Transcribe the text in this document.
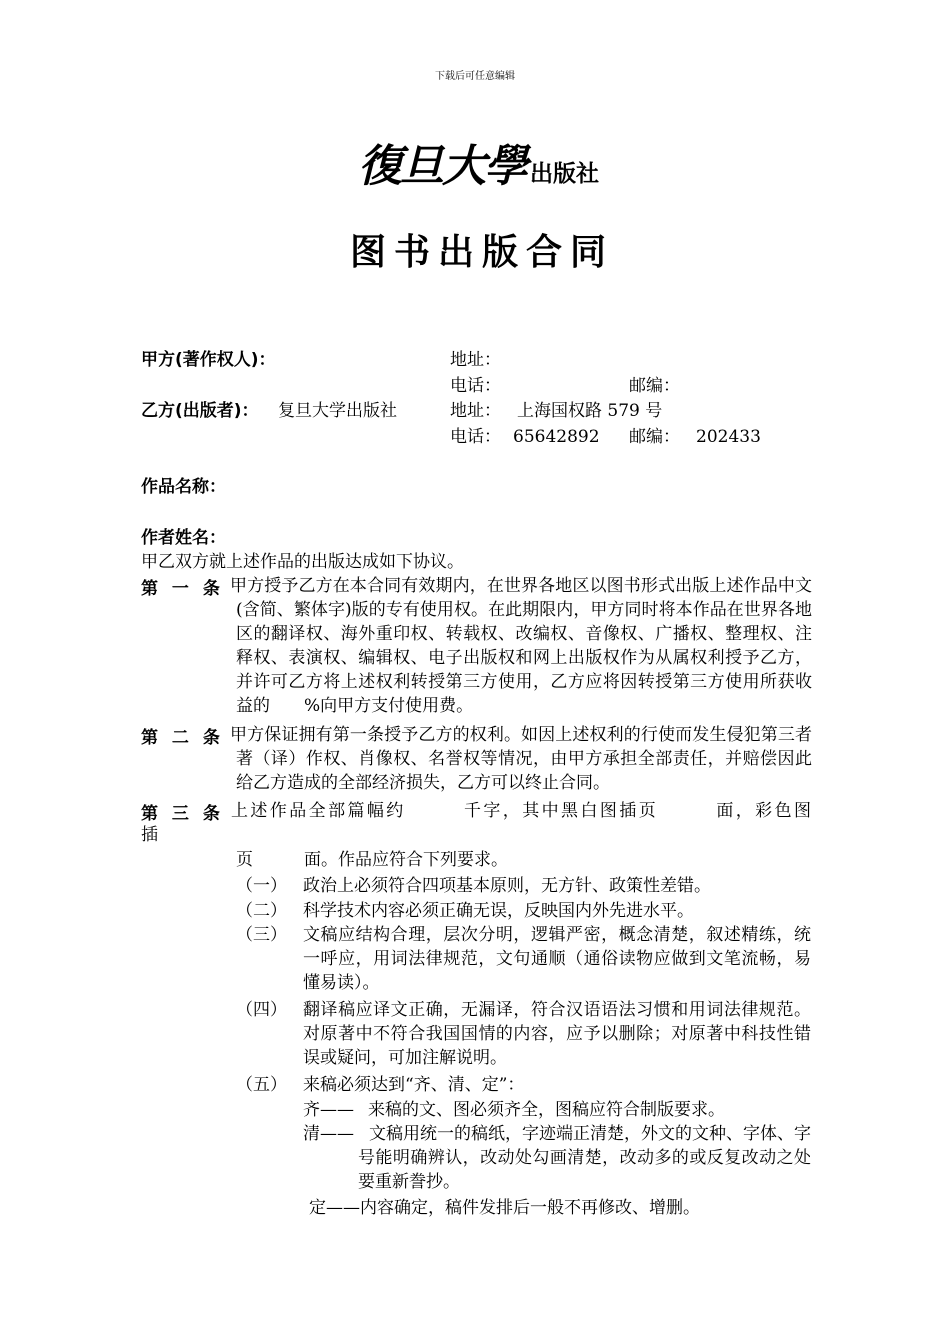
下载后可任意编辑
復旦大學 出版社
图书出版合同
甲方(著作权人)：	地址：
电话：	邮编：
乙方(出版者)： 复旦大学出版社	地址： 上海国权路 579 号
电话： 65642892 邮编： 202433
作品名称：
作者姓名：
甲乙双方就上述作品的出版达成如下协议。
第 一 条 甲方授予乙方在本合同有效期内，在世界各地区以图书形式出版上述作品中文(含简、繁体字)版的专有使用权。在此期限内，甲方同时将本作品在世界各地区的翻译权、海外重印权、转载权、改编权、音像权、广播权、整理权、注释权、表演权、编辑权、电子出版权和网上出版权作为从属权利授予乙方，并许可乙方将上述权利转授第三方使用，乙方应将因转授第三方使用所获收益的　　%向甲方支付使用费。
第 二 条 甲方保证拥有第一条授予乙方的权利。如因上述权利的行使而发生侵犯第三者著（译）作权、肖像权、名誉权等情况，由甲方承担全部责任，并赔偿因此给乙方造成的全部经济损失，乙方可以终止合同。
第 三 条 上述作品全部篇幅约　　　千字，其中黑白图插页　　　面，彩色图
插
页　　　面。作品应符合下列要求。
（一） 政治上必须符合四项基本原则，无方针、政策性差错。
（二） 科学技术内容必须正确无误，反映国内外先进水平。
（三） 文稿应结构合理，层次分明，逻辑严密，概念清楚，叙述精练，统一呼应，用词法律规范，文句通顺（通俗读物应做到文笔流畅，易懂易读）。
（四） 翻译稿应译文正确，无漏译，符合汉语语法习惯和用词法律规范。对原著中不符合我国国情的内容，应予以删除；对原著中科技性错误或疑问，可加注解说明。
（五） 来稿必须达到“齐、清、定”：
齐—— 来稿的文、图必须齐全，图稿应符合制版要求。
清—— 文稿用统一的稿纸，字迹端正清楚，外文的文种、字体、字号能明确辨认，改动处勾画清楚，改动多的或反复改动之处要重新誊抄。
定——内容确定，稿件发排后一般不再修改、增删。
